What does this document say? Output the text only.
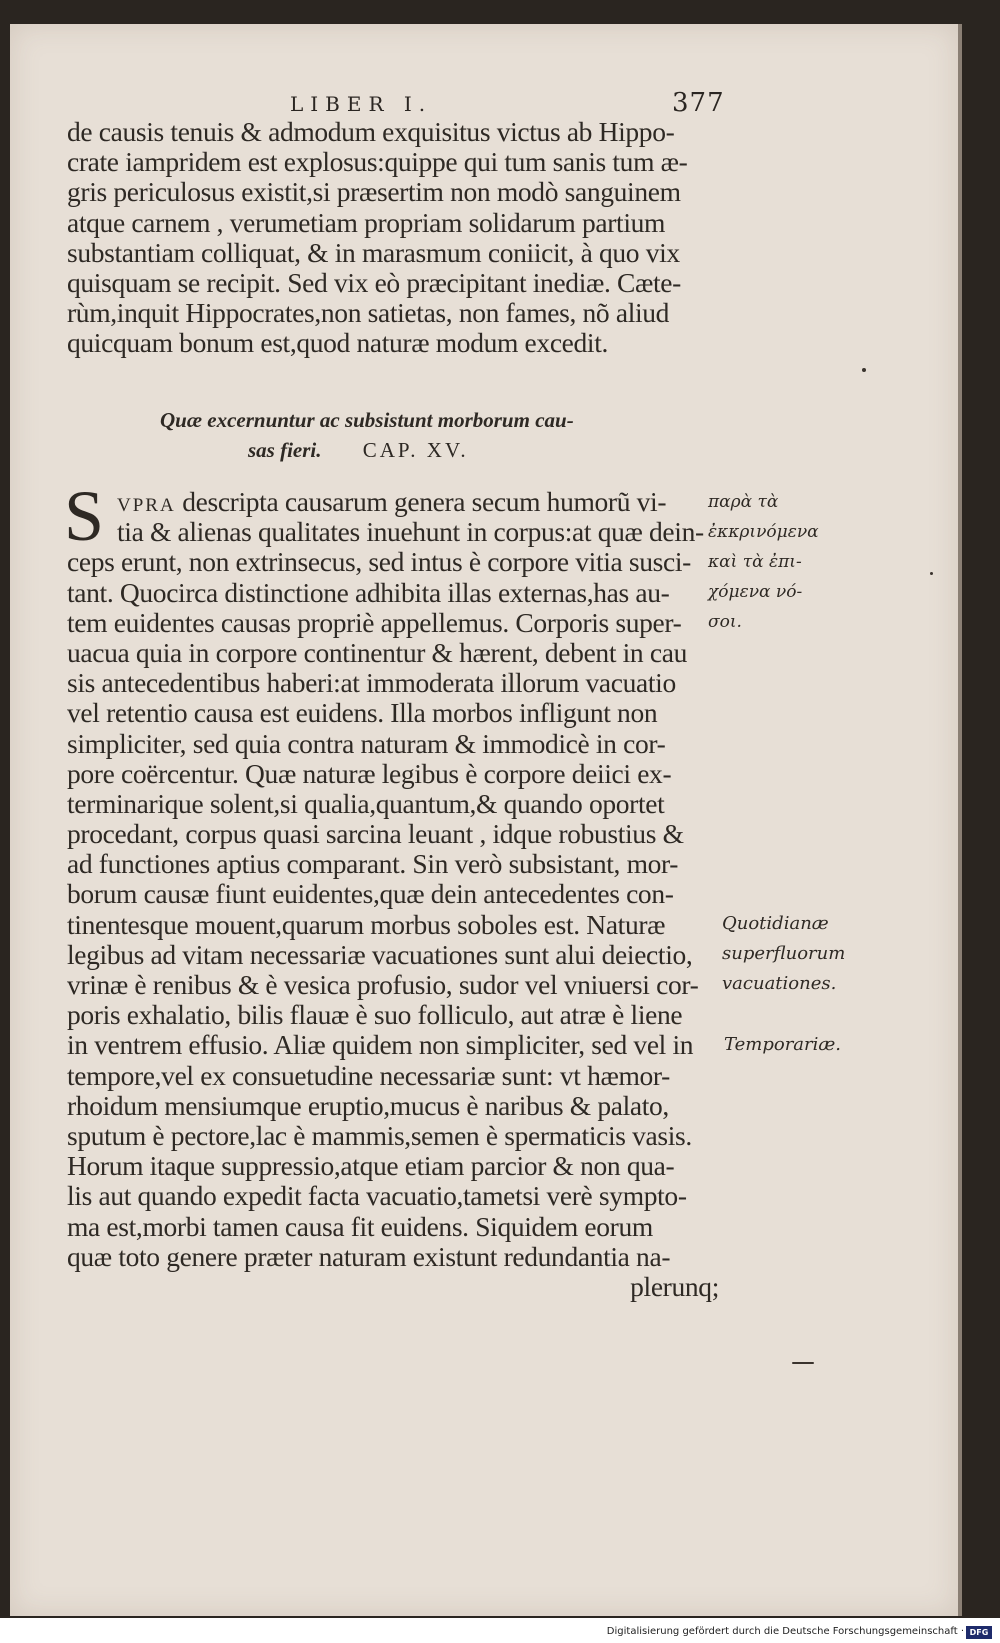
LIBER I.	377
de causis tenuis & admodum exquisitus victus ab Hippo-
crate iampridem est explosus:quippe qui tum sanis tum æ-
gris periculosus existit,si præsertim non modò sanguinem
atque carnem , verumetiam propriam solidarum partium
substantiam colliquat, & in marasmum coniicit, à quo vix
quisquam se recipit. Sed vix eò præcipitant inediæ. Cæte-
rùm,inquit Hippocrates,non satietas, non fames, nõ aliud
quicquam bonum est,quod naturæ modum excedit.
Quæ excernuntur ac subsistunt morborum cau-
sas fieri. CAP. XV.
S VPRA descripta causarum genera secum humorũ vi-
tia & alienas qualitates inuehunt in corpus:at quæ dein-
ceps erunt, non extrinsecus, sed intus è corpore vitia susci-
tant. Quocirca distinctione adhibita illas externas,has au-
tem euidentes causas propriè appellemus. Corporis super-
uacua quia in corpore continentur & hærent, debent in cau
sis antecedentibus haberi:at immoderata illorum vacuatio
vel retentio causa est euidens. Illa morbos infligunt non
simpliciter, sed quia contra naturam & immodicè in cor-
pore coërcentur. Quæ naturæ legibus è corpore deiici ex-
terminarique solent,si qualia,quantum,& quando oportet
procedant, corpus quasi sarcina leuant , idque robustius &
ad functiones aptius comparant. Sin verò subsistant, mor-
borum causæ fiunt euidentes,quæ dein antecedentes con-
tinentesque mouent,quarum morbus soboles est. Naturæ
legibus ad vitam necessariæ vacuationes sunt alui deiectio,
vrinæ è renibus & è vesica profusio, sudor vel vniuersi cor-
poris exhalatio, bilis flauæ è suo folliculo, aut atræ è liene
in ventrem effusio. Aliæ quidem non simpliciter, sed vel in
tempore,vel ex consuetudine necessariæ sunt: vt hæmor-
rhoidum mensiumque eruptio,mucus è naribus & palato,
sputum è pectore,lac è mammis,semen è spermaticis vasis.
Horum itaque suppressio,atque etiam parcior & non qua-
lis aut quando expedit facta vacuatio,tametsi verè sympto-
ma est,morbi tamen causa fit euidens. Siquidem eorum
quæ toto genere præter naturam existunt redundantia na-
plerunq;
παρὰ τὰ
ἐκκρινόμενα
καὶ τὰ ἐπι-
χόμενα νό-
σοι.
Quotidianæ
superfluorum
vacuationes.
Temporariæ.
Digitalisierung gefördert durch die Deutsche Forschungsgemeinschaft · DFG
